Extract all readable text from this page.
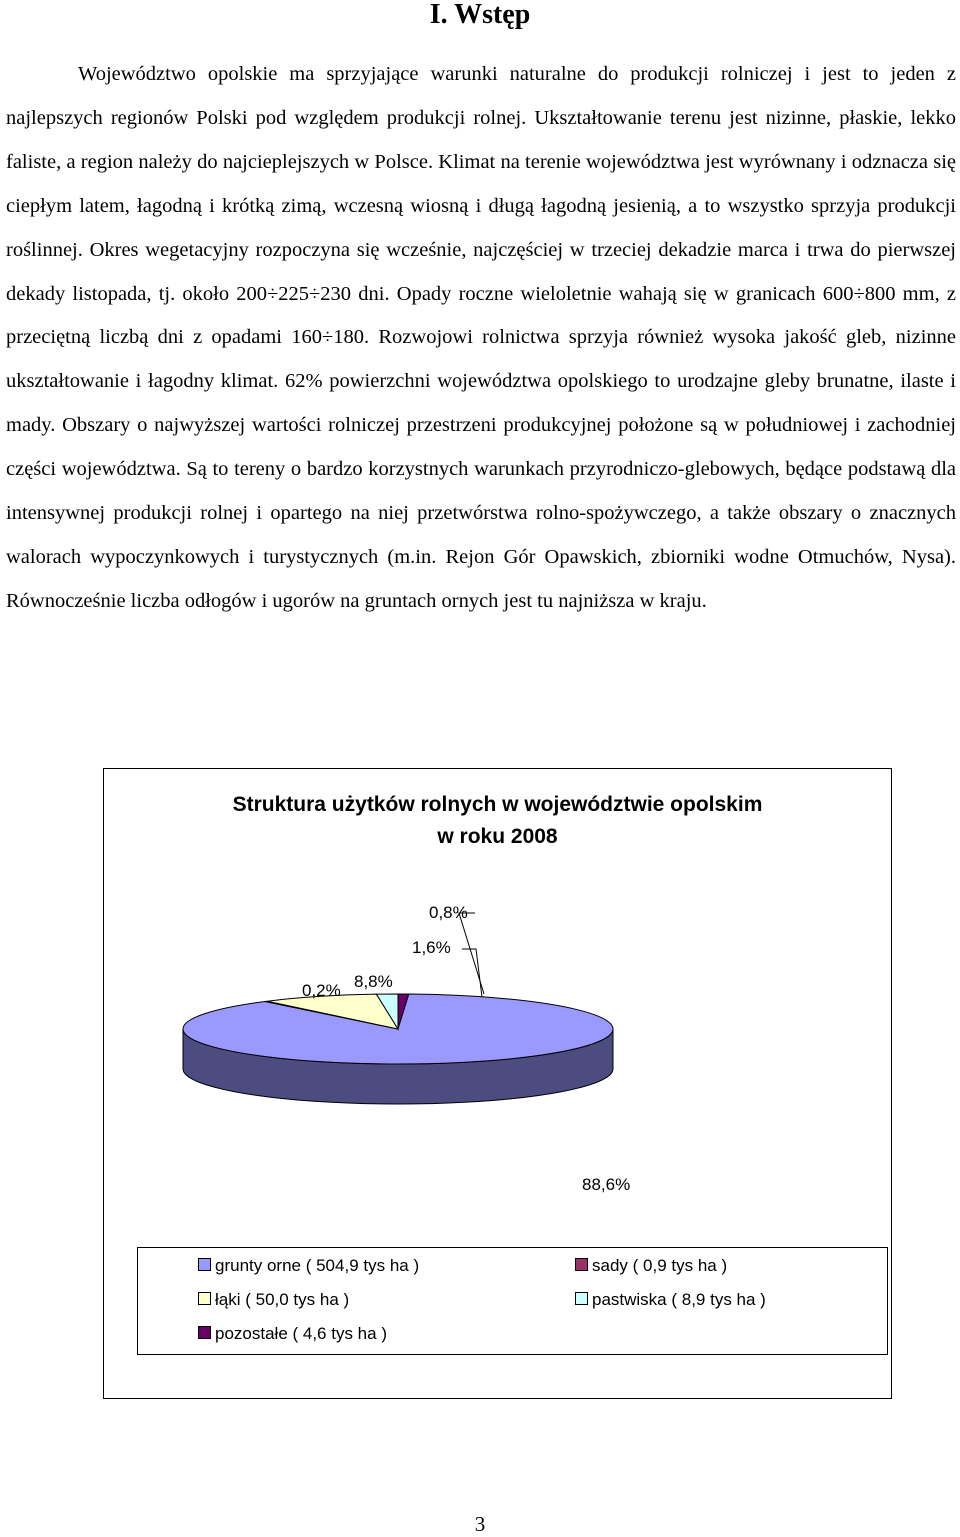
I. Wstęp

Województwo opolskie ma sprzyjające warunki naturalne do produkcji rolniczej i jest to jeden z najlepszych regionów Polski pod względem produkcji rolnej. Ukształtowanie terenu jest nizinne, płaskie, lekko faliste, a region należy do najcieplejszych w Polsce. Klimat na terenie województwa jest wyrównany i odznacza się ciepłym latem, łagodną i krótką zimą, wczesną wiosną i długą łagodną jesienią, a to wszystko sprzyja produkcji roślinnej. Okres wegetacyjny rozpoczyna się wcześnie, najczęściej w trzeciej dekadzie marca i trwa do pierwszej dekady listopada, tj. około 200÷225÷230 dni. Opady roczne wieloletnie wahają się w granicach 600÷800 mm, z przeciętną liczbą dni z opadami 160÷180. Rozwojowi rolnictwa sprzyja również wysoka jakość gleb, nizinne ukształtowanie i łagodny klimat. 62% powierzchni województwa opolskiego to urodzajne gleby brunatne, ilaste i mady. Obszary o najwyższej wartości rolniczej przestrzeni produkcyjnej położone są w południowej i zachodniej części województwa. Są to tereny o bardzo korzystnych warunkach przyrodniczo-glebowych, będące podstawą dla intensywnej produkcji rolnej i opartego na niej przetwórstwa rolno-spożywczego, a także obszary o znacznych walorach wypoczynkowych i turystycznych (m.in. Rejon Gór Opawskich, zbiorniki wodne Otmuchów, Nysa). Równocześnie liczba odłogów i ugorów na gruntach ornych jest tu najniższa w kraju.

Struktura użytków rolnych w województwie opolskim
w roku 2008
0,8%
1,6%
0,2% 8,8%
88,6%
grunty orne ( 504,9 tys ha )	sady ( 0,9 tys ha )
łąki ( 50,0 tys ha )	pastwiska ( 8,9 tys ha )
pozostałe ( 4,6 tys ha )
3
